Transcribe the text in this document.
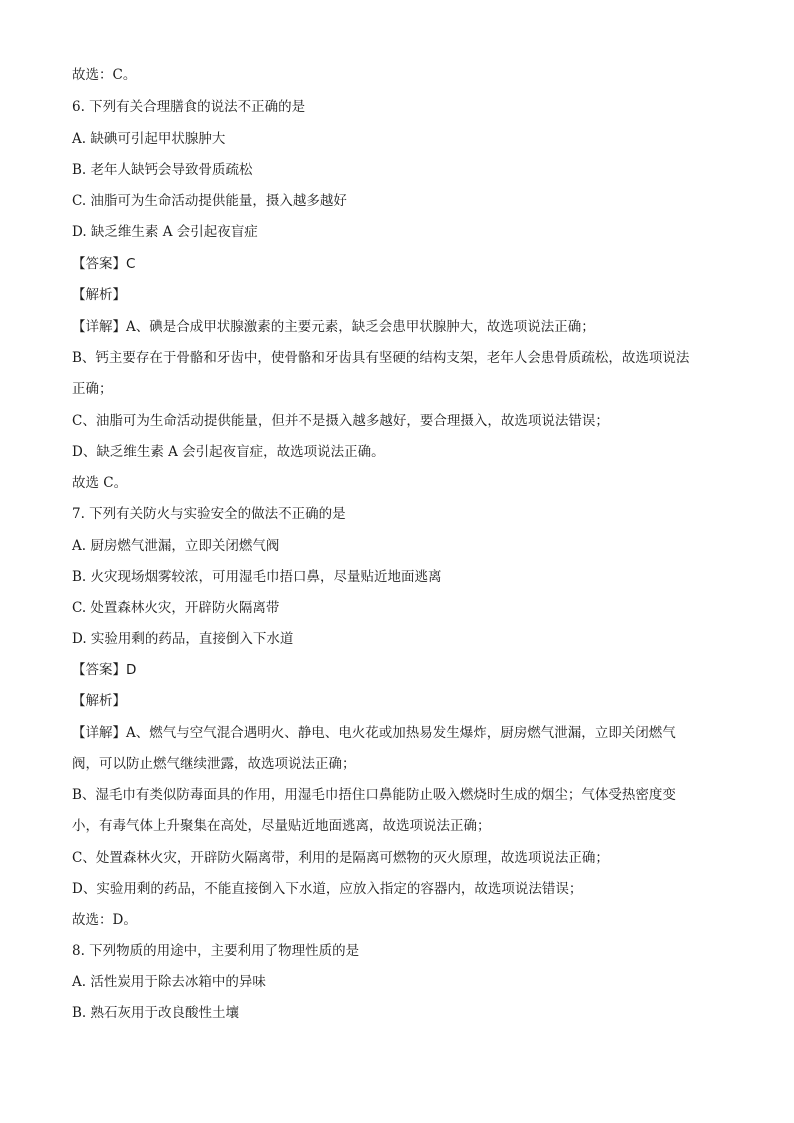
故选：C。
6. 下列有关合理膳食的说法不正确的是
A. 缺碘可引起甲状腺肿大
B. 老年人缺钙会导致骨质疏松
C. 油脂可为生命活动提供能量，摄入越多越好
D. 缺乏维生素 A 会引起夜盲症
【答案】C
【解析】
【详解】A、碘是合成甲状腺激素的主要元素，缺乏会患甲状腺肿大，故选项说法正确；
B、钙主要存在于骨骼和牙齿中，使骨骼和牙齿具有坚硬的结构支架，老年人会患骨质疏松，故选项说法
正确；
C、油脂可为生命活动提供能量，但并不是摄入越多越好，要合理摄入，故选项说法错误；
D、缺乏维生素 A 会引起夜盲症，故选项说法正确。
故选 C。
7. 下列有关防火与实验安全的做法不正确的是
A. 厨房燃气泄漏，立即关闭燃气阀
B. 火灾现场烟雾较浓，可用湿毛巾捂口鼻，尽量贴近地面逃离
C. 处置森林火灾，开辟防火隔离带
D. 实验用剩的药品，直接倒入下水道
【答案】D
【解析】
【详解】A、燃气与空气混合遇明火、静电、电火花或加热易发生爆炸，厨房燃气泄漏，立即关闭燃气
阀，可以防止燃气继续泄露，故选项说法正确；
B、湿毛巾有类似防毒面具的作用，用湿毛巾捂住口鼻能防止吸入燃烧时生成的烟尘；气体受热密度变
小，有毒气体上升聚集在高处，尽量贴近地面逃离，故选项说法正确；
C、处置森林火灾，开辟防火隔离带，利用的是隔离可燃物的灭火原理，故选项说法正确；
D、实验用剩的药品，不能直接倒入下水道，应放入指定的容器内，故选项说法错误；
故选：D。
8. 下列物质的用途中，主要利用了物理性质的是
A. 活性炭用于除去冰箱中的异味
B. 熟石灰用于改良酸性土壤
